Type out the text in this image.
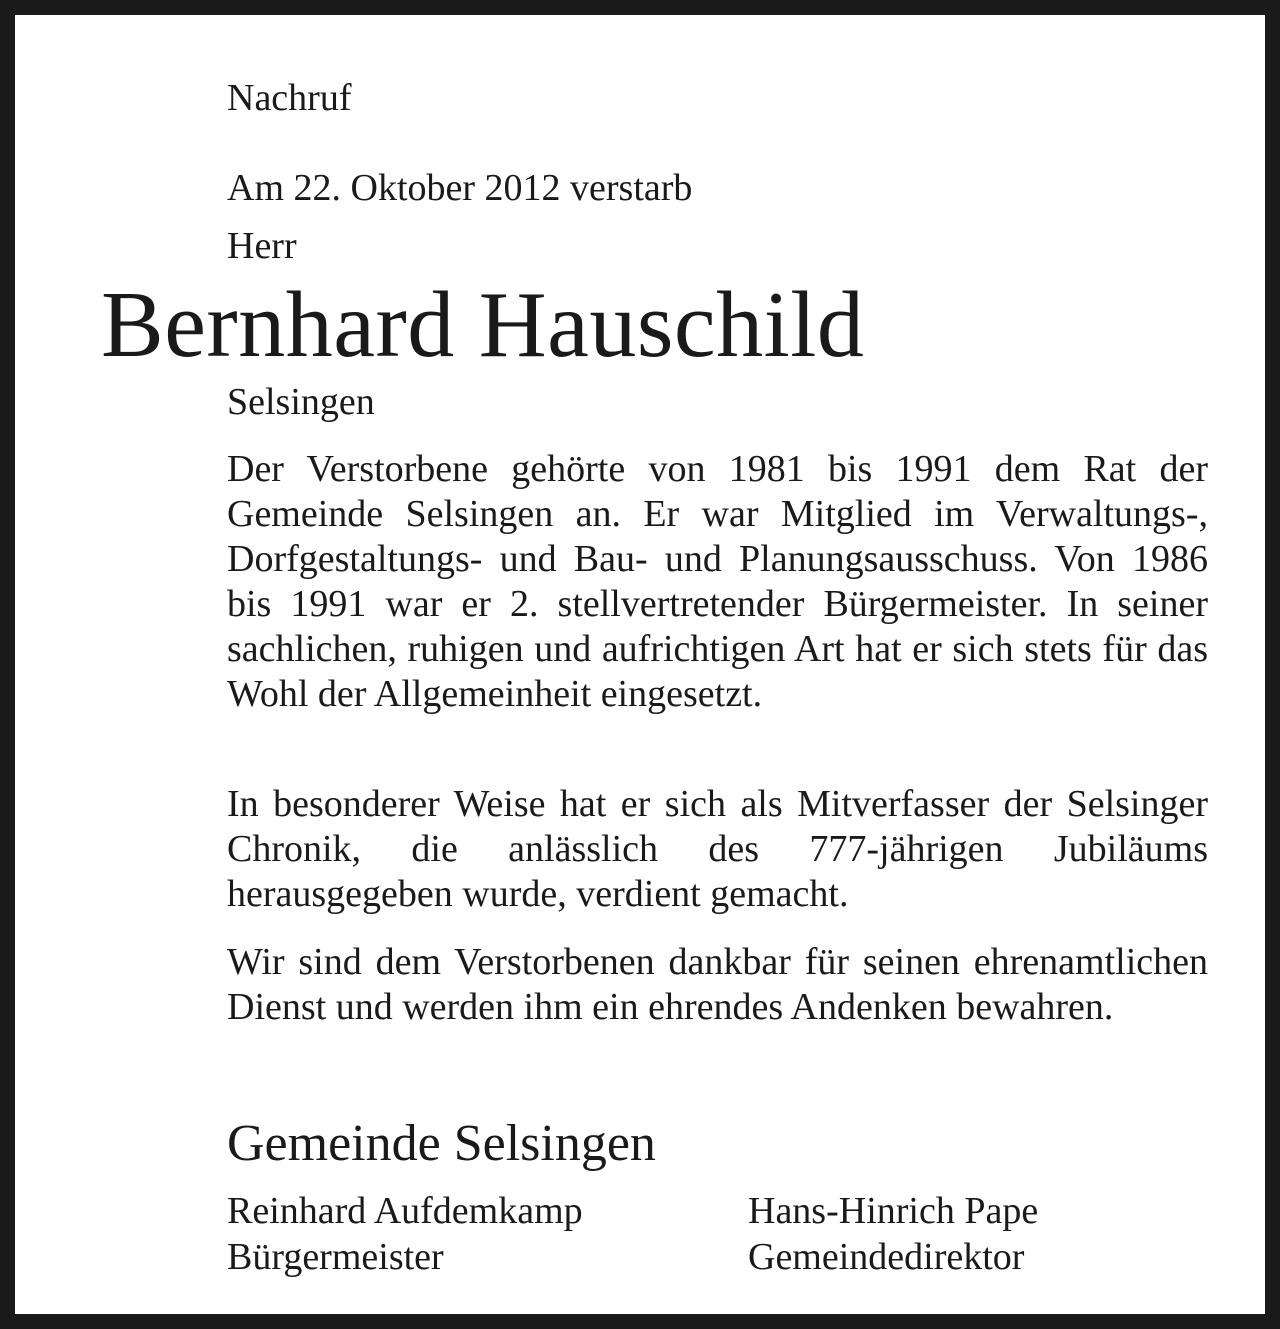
Nachruf

Am 22. Oktober 2012 verstarb

Herr

Bernhard Hauschild

Selsingen

Der Verstorbene gehörte von 1981 bis 1991 dem Rat der Gemeinde Selsingen an. Er war Mitglied im Verwaltungs-, Dorfgestaltungs- und Bau- und Planungsausschuss. Von 1986 bis 1991 war er 2. stellvertretender Bürgermeister. In seiner sachlichen, ruhigen und aufrichtigen Art hat er sich stets für das Wohl der Allgemeinheit eingesetzt.

In besonderer Weise hat er sich als Mitverfasser der Selsinger Chronik, die anlässlich des 777-jährigen Jubiläums herausgegeben wurde, verdient gemacht.

Wir sind dem Verstorbenen dankbar für seinen ehrenamtlichen Dienst und werden ihm ein ehrendes Andenken bewahren.

Gemeinde Selsingen
Reinhard Aufdemkamp
Bürgermeister
Hans-Hinrich Pape
Gemeindedirektor
